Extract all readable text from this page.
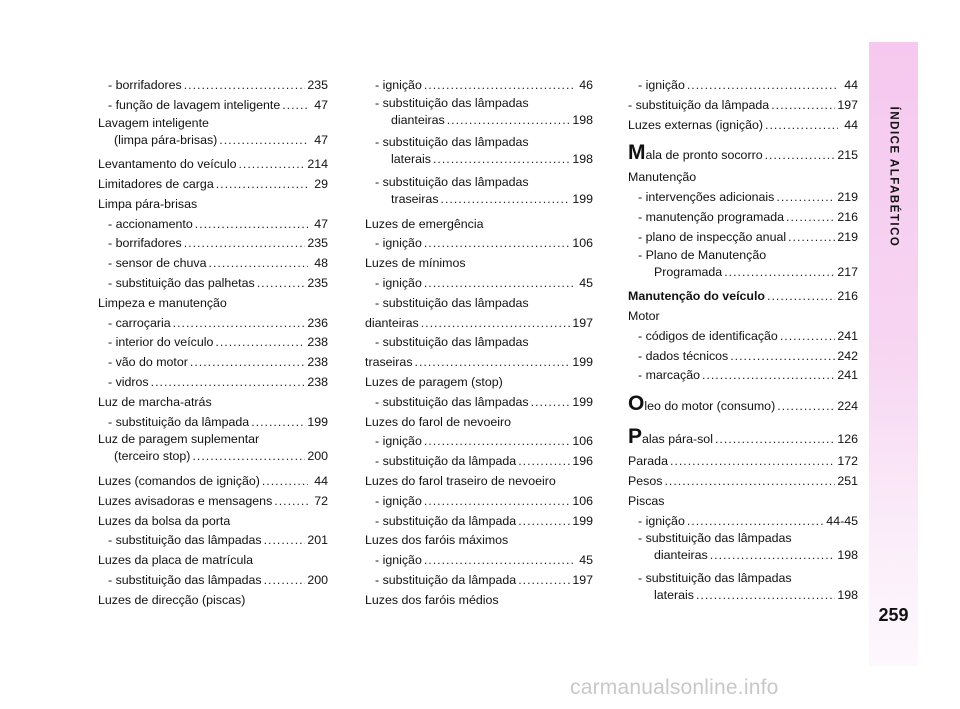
- borrifadores .....	235
- função de lavagem inteligente .....	47
Lavagem inteligente
(limpa pára-brisas) .....	47
Levantamento do veículo .....	214
Limitadores de carga .....	29
Limpa pára-brisas
- accionamento .....	47
- borrifadores .....	235
- sensor de chuva .....	48
- substituição das palhetas .....	235
Limpeza e manutenção
- carroçaria .....	236
- interior do veículo .....	238
- vão do motor .....	238
- vidros .....	238
Luz de marcha-atrás
- substituição da lâmpada .....	199
Luz de paragem suplementar
(terceiro stop) .....	200
Luzes (comandos de ignição) .....	44
Luzes avisadoras e mensagens .....	72
Luzes da bolsa da porta
- substituição das lâmpadas .....	201
Luzes da placa de matrícula
- substituição das lâmpadas .....	200
Luzes de direcção (piscas)
- ignição .....	46
- substituição das lâmpadas
dianteiras .....	198
- substituição das lâmpadas
laterais .....	198
- substituição das lâmpadas
traseiras .....	199
Luzes de emergência
- ignição .....	106
Luzes de mínimos
- ignição .....	45
- substituição das lâmpadas
dianteiras .....	197
- substituição das lâmpadas
traseiras .....	199
Luzes de paragem (stop)
- substituição das lâmpadas .....	199
Luzes do farol de nevoeiro
- ignição .....	106
- substituição da lâmpada .....	196
Luzes do farol traseiro de nevoeiro
- ignição .....	106
- substituição da lâmpada .....	199
Luzes dos faróis máximos
- ignição .....	45
- substituição da lâmpada .....	197
Luzes dos faróis médios
- ignição .....	44
- substituição da lâmpada .....	197
Luzes externas (ignição) .....	44
Mala de pronto socorro .....	215
Manutenção
- intervenções adicionais .....	219
- manutenção programada .....	216
- plano de inspecção anual .....	219
- Plano de Manutenção
Programada .....	217
Manutenção do veículo .....	216
Motor
- códigos de identificação .....	241
- dados técnicos .....	242
- marcação .....	241
Oleo do motor (consumo) .....	224
Palas pára-sol .....	126
Parada .....	172
Pesos .....	251
Piscas
- ignição .....	44-45
- substituição das lâmpadas
dianteiras .....	198
- substituição das lâmpadas
laterais .....	198
ÍNDICE ALFABÉTICO
259
carmanualsonline.info
